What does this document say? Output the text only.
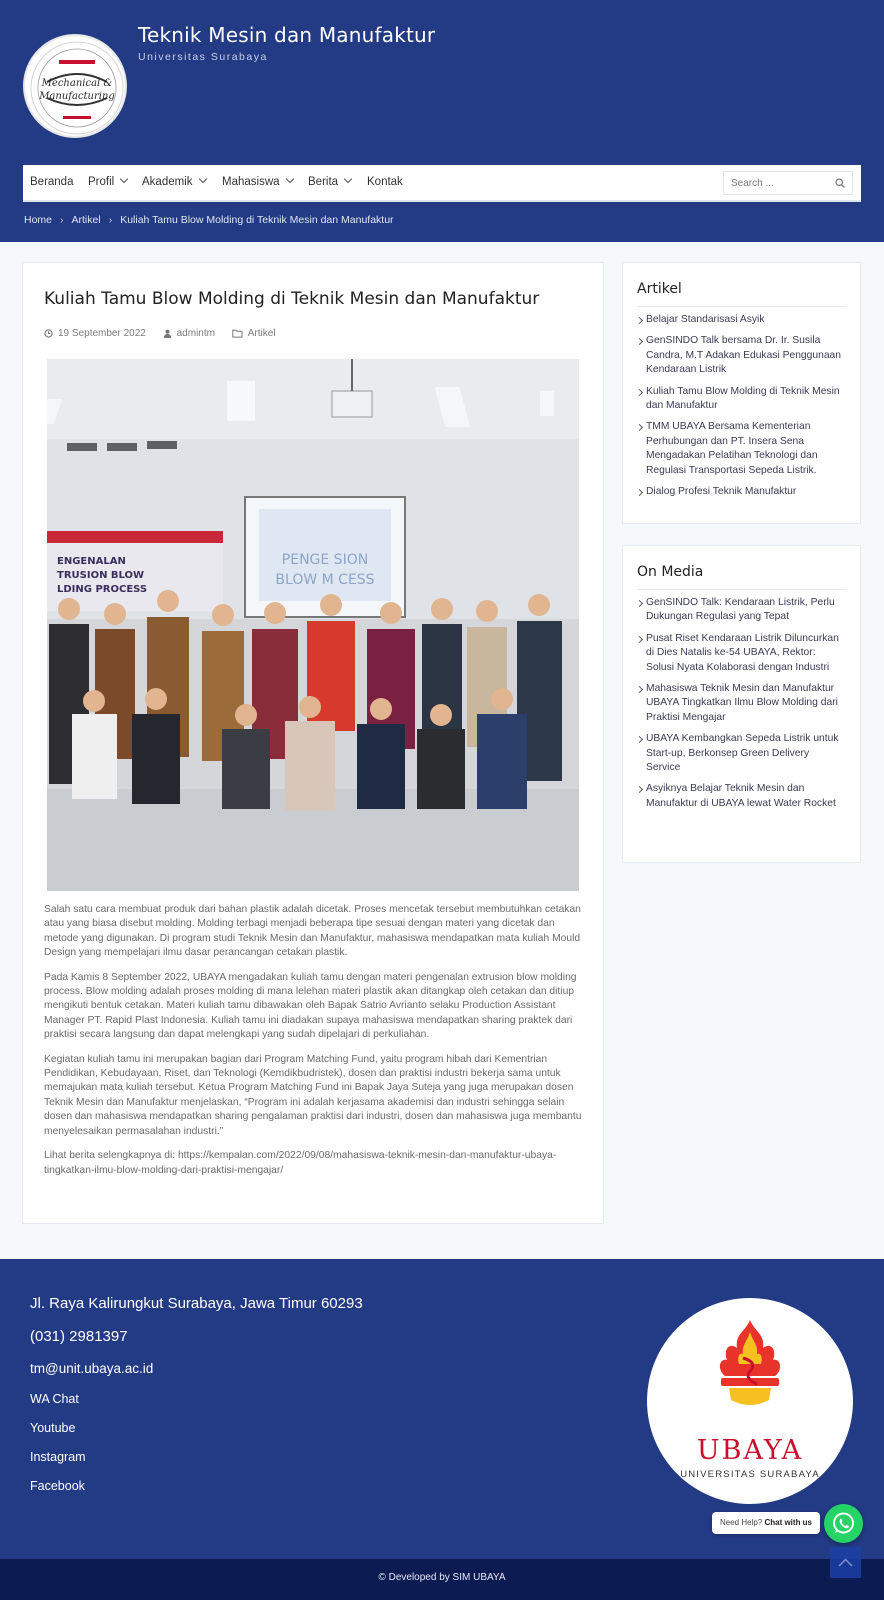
Mechanical &
Manufacturing
Teknik Mesin dan Manufaktur
Universitas Surabaya
Beranda Profil	Akademik	Mahasiswa	Berita	Kontak
Search ...
Home › Artikel › Kuliah Tamu Blow Molding di Teknik Mesin dan Manufaktur
Kuliah Tamu Blow Molding di Teknik Mesin dan Manufaktur
19 September 2022
	admintm
	Artikel
PENGE SION
BLOW M CESS
ENGENALAN
TRUSION BLOW
LDING PROCESS

Salah satu cara membuat produk dari bahan plastik adalah dicetak. Proses mencetak tersebut membutuhkan cetakan atau yang biasa disebut molding. Molding terbagi menjadi beberapa tipe sesuai dengan materi yang dicetak dan metode yang digunakan. Di program studi Teknik Mesin dan Manufaktur, mahasiswa mendapatkan mata kuliah Mould Design yang mempelajari ilmu dasar perancangan cetakan plastik.

Pada Kamis 8 September 2022, UBAYA mengadakan kuliah tamu dengan materi pengenalan extrusion blow molding process. Blow molding adalah proses molding di mana lelehan materi plastik akan ditangkap oleh cetakan dan ditiup mengikuti bentuk cetakan. Materi kuliah tamu dibawakan oleh Bapak Satrio Avrianto selaku Production Assistant Manager PT. Rapid Plast Indonesia. Kuliah tamu ini diadakan supaya mahasiswa mendapatkan sharing praktek dari praktisi secara langsung dan dapat melengkapi yang sudah dipelajari di perkuliahan.

Kegiatan kuliah tamu ini merupakan bagian dari Program Matching Fund, yaitu program hibah dari Kementrian Pendidikan, Kebudayaan, Riset, dan Teknologi (Kemdikbudristek), dosen dan praktisi industri bekerja sama untuk memajukan mata kuliah tersebut. Ketua Program Matching Fund ini Bapak Jaya Suteja yang juga merupakan dosen Teknik Mesin dan Manufaktur menjelaskan, “Program ini adalah kerjasama akademisi dan industri sehingga selain dosen dan mahasiswa mendapatkan sharing pengalaman praktisi dari industri, dosen dan mahasiswa juga membantu menyelesaikan permasalahan industri.”

Lihat berita selengkapnya di: https://kempalan.com/2022/09/08/mahasiswa-teknik-mesin-dan-manufaktur-ubaya-tingkatkan-ilmu-blow-molding-dari-praktisi-mengajar/

Artikel
Belajar Standarisasi Asyik
GenSINDO Talk bersama Dr. Ir. Susila Candra, M.T Adakan Edukasi Penggunaan Kendaraan Listrik
Kuliah Tamu Blow Molding di Teknik Mesin dan Manufaktur
TMM UBAYA Bersama Kementerian Perhubungan dan PT. Insera Sena Mengadakan Pelatihan Teknologi dan Regulasi Transportasi Sepeda Listrik.
Dialog Profesi Teknik Manufaktur
On Media
GenSINDO Talk: Kendaraan Listrik, Perlu Dukungan Regulasi yang Tepat
Pusat Riset Kendaraan Listrik Diluncurkan di Dies Natalis ke-54 UBAYA, Rektor: Solusi Nyata Kolaborasi dengan Industri
Mahasiswa Teknik Mesin dan Manufaktur UBAYA Tingkatkan Ilmu Blow Molding dari Praktisi Mengajar
UBAYA Kembangkan Sepeda Listrik untuk Start-up, Berkonsep Green Delivery Service
Asyiknya Belajar Teknik Mesin dan Manufaktur di UBAYA lewat Water Rocket
Jl. Raya Kalirungkut Surabaya, Jawa Timur 60293
(031) 2981397
tm@unit.ubaya.ac.id
WA Chat
Youtube
Instagram
Facebook
UBAYA
UNIVERSITAS SURABAYA
© Developed by SIM UBAYA
Need Help? Chat with us
